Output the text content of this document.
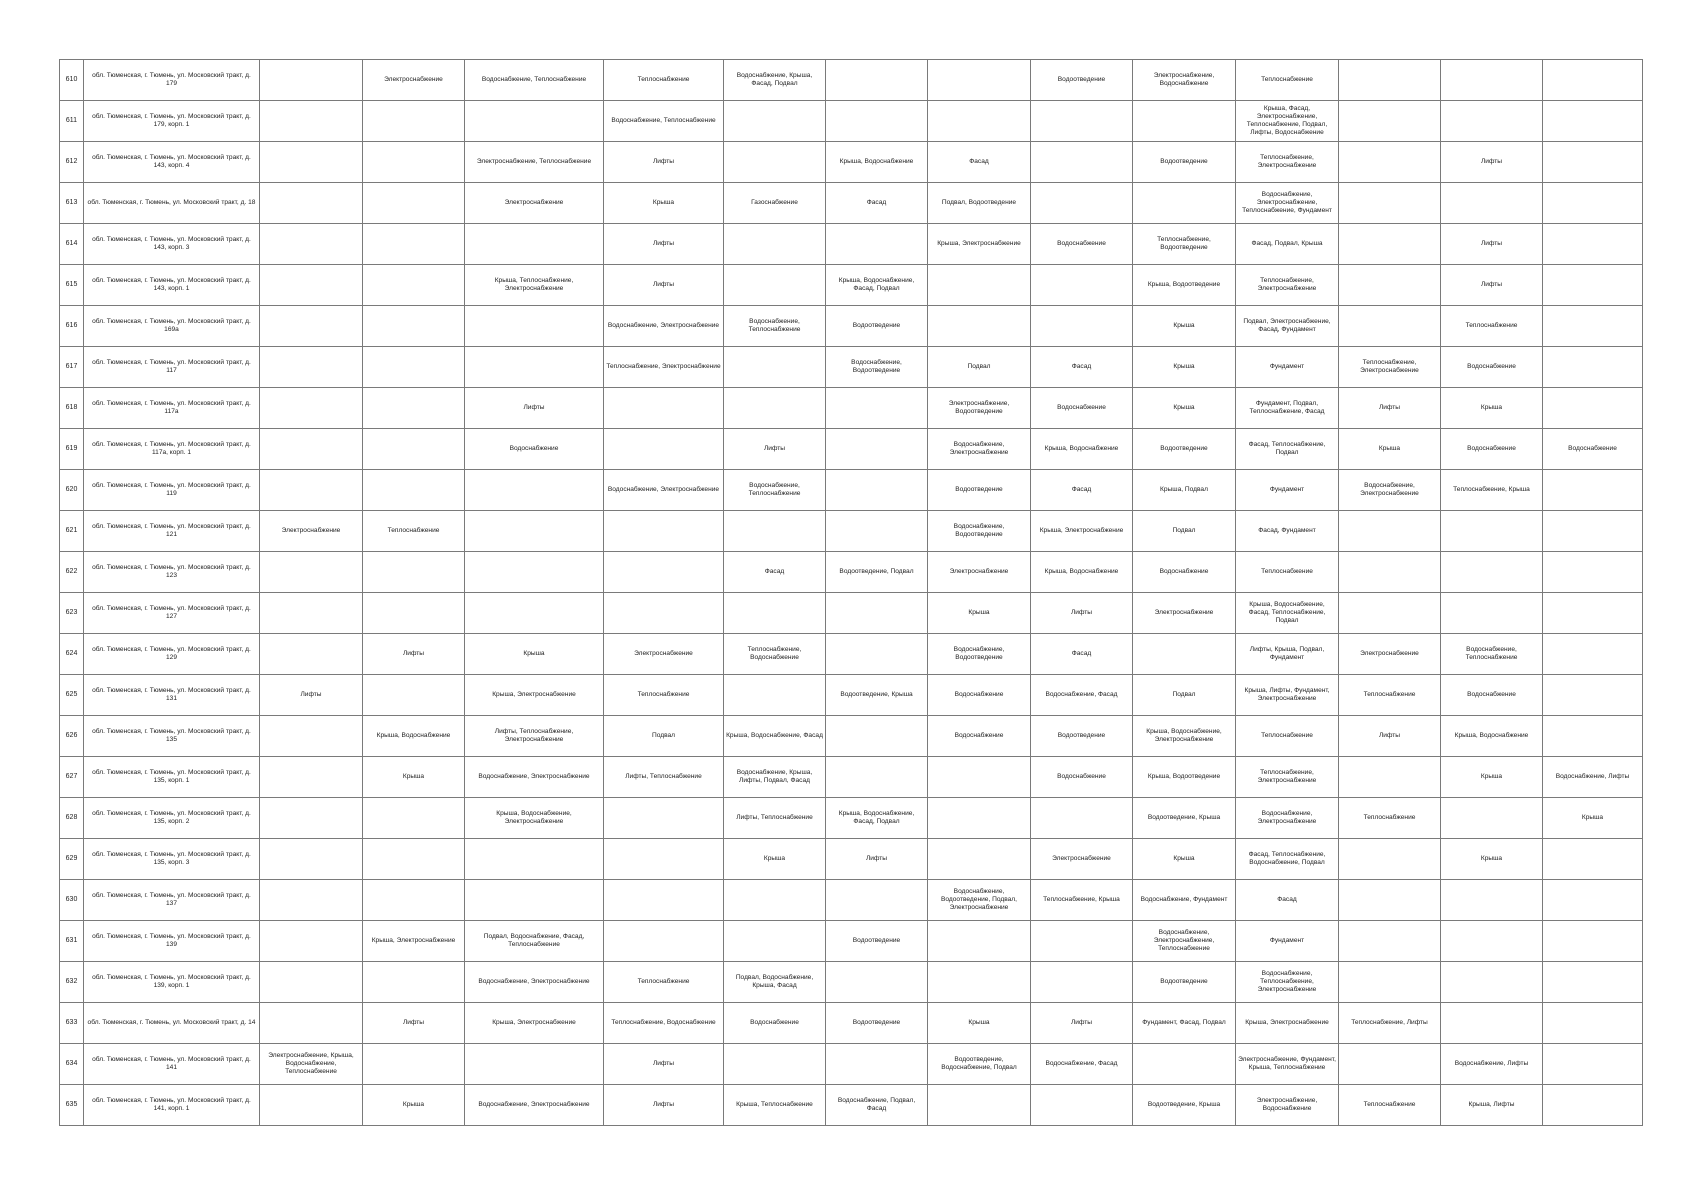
610	обл. Тюменская, г. Тюмень, ул. Московский тракт, д. 179		Электроснабжение	Водоснабжение, Теплоснабжение	Теплоснабжение	Водоснабжение, Крыша, Фасад, Подвал			Водоотведение	Электроснабжение, Водоснабжение	Теплоснабжение			
611	обл. Тюменская, г. Тюмень, ул. Московский тракт, д. 179, корп. 1				Водоснабжение, Теплоснабжение						Крыша, Фасад, Электроснабжение, Теплоснабжение, Подвал, Лифты, Водоснабжение			
612	обл. Тюменская, г. Тюмень, ул. Московский тракт, д. 143, корп. 4			Электроснабжение, Теплоснабжение	Лифты		Крыша, Водоснабжение	Фасад		Водоотведение	Теплоснабжение, Электроснабжение		Лифты	
613	обл. Тюменская, г. Тюмень, ул. Московский тракт, д. 18			Электроснабжение	Крыша	Газоснабжение	Фасад	Подвал, Водоотведение			Водоснабжение, Электроснабжение, Теплоснабжение, Фундамент			
614	обл. Тюменская, г. Тюмень, ул. Московский тракт, д. 143, корп. 3				Лифты			Крыша, Электроснабжение	Водоснабжение	Теплоснабжение, Водоотведение	Фасад, Подвал, Крыша		Лифты	
615	обл. Тюменская, г. Тюмень, ул. Московский тракт, д. 143, корп. 1			Крыша, Теплоснабжение, Электроснабжение	Лифты		Крыша, Водоснабжение, Фасад, Подвал			Крыша, Водоотведение	Теплоснабжение, Электроснабжение		Лифты	
616	обл. Тюменская, г. Тюмень, ул. Московский тракт, д. 169а				Водоснабжение, Электроснабжение	Водоснабжение, Теплоснабжение	Водоотведение			Крыша	Подвал, Электроснабжение, Фасад, Фундамент		Теплоснабжение	
617	обл. Тюменская, г. Тюмень, ул. Московский тракт, д. 117				Теплоснабжение, Электроснабжение		Водоснабжение, Водоотведение	Подвал	Фасад	Крыша	Фундамент	Теплоснабжение, Электроснабжение	Водоснабжение	
618	обл. Тюменская, г. Тюмень, ул. Московский тракт, д. 117а			Лифты				Электроснабжение, Водоотведение	Водоснабжение	Крыша	Фундамент, Подвал, Теплоснабжение, Фасад	Лифты	Крыша	
619	обл. Тюменская, г. Тюмень, ул. Московский тракт, д. 117а, корп. 1			Водоснабжение		Лифты		Водоснабжение, Электроснабжение	Крыша, Водоснабжение	Водоотведение	Фасад, Теплоснабжение, Подвал	Крыша	Водоснабжение	Водоснабжение
620	обл. Тюменская, г. Тюмень, ул. Московский тракт, д. 119				Водоснабжение, Электроснабжение	Водоснабжение, Теплоснабжение		Водоотведение	Фасад	Крыша, Подвал	Фундамент	Водоснабжение, Электроснабжение	Теплоснабжение, Крыша	
621	обл. Тюменская, г. Тюмень, ул. Московский тракт, д. 121	Электроснабжение	Теплоснабжение					Водоснабжение, Водоотведение	Крыша, Электроснабжение	Подвал	Фасад, Фундамент			
622	обл. Тюменская, г. Тюмень, ул. Московский тракт, д. 123					Фасад	Водоотведение, Подвал	Электроснабжение	Крыша, Водоснабжение	Водоснабжение	Теплоснабжение			
623	обл. Тюменская, г. Тюмень, ул. Московский тракт, д. 127							Крыша	Лифты	Электроснабжение	Крыша, Водоснабжение, Фасад, Теплоснабжение, Подвал			
624	обл. Тюменская, г. Тюмень, ул. Московский тракт, д. 129		Лифты	Крыша	Электроснабжение	Теплоснабжение, Водоснабжение		Водоснабжение, Водоотведение	Фасад		Лифты, Крыша, Подвал, Фундамент	Электроснабжение	Водоснабжение, Теплоснабжение	
625	обл. Тюменская, г. Тюмень, ул. Московский тракт, д. 131	Лифты		Крыша, Электроснабжение	Теплоснабжение		Водоотведение, Крыша	Водоснабжение	Водоснабжение, Фасад	Подвал	Крыша, Лифты, Фундамент, Электроснабжение	Теплоснабжение	Водоснабжение	
626	обл. Тюменская, г. Тюмень, ул. Московский тракт, д. 135		Крыша, Водоснабжение	Лифты, Теплоснабжение, Электроснабжение	Подвал	Крыша, Водоснабжение, Фасад		Водоснабжение	Водоотведение	Крыша, Водоснабжение, Электроснабжение	Теплоснабжение	Лифты	Крыша, Водоснабжение	
627	обл. Тюменская, г. Тюмень, ул. Московский тракт, д. 135, корп. 1		Крыша	Водоснабжение, Электроснабжение	Лифты, Теплоснабжение	Водоснабжение, Крыша, Лифты, Подвал, Фасад			Водоснабжение	Крыша, Водоотведение	Теплоснабжение, Электроснабжение		Крыша	Водоснабжение, Лифты
628	обл. Тюменская, г. Тюмень, ул. Московский тракт, д. 135, корп. 2			Крыша, Водоснабжение, Электроснабжение		Лифты, Теплоснабжение	Крыша, Водоснабжение, Фасад, Подвал			Водоотведение, Крыша	Водоснабжение, Электроснабжение	Теплоснабжение		Крыша
629	обл. Тюменская, г. Тюмень, ул. Московский тракт, д. 135, корп. 3					Крыша	Лифты		Электроснабжение	Крыша	Фасад, Теплоснабжение, Водоснабжение, Подвал		Крыша	
630	обл. Тюменская, г. Тюмень, ул. Московский тракт, д. 137							Водоснабжение, Водоотведение, Подвал, Электроснабжение	Теплоснабжение, Крыша	Водоснабжение, Фундамент	Фасад			
631	обл. Тюменская, г. Тюмень, ул. Московский тракт, д. 139		Крыша, Электроснабжение	Подвал, Водоснабжение, Фасад, Теплоснабжение			Водоотведение			Водоснабжение, Электроснабжение, Теплоснабжение	Фундамент			
632	обл. Тюменская, г. Тюмень, ул. Московский тракт, д. 139, корп. 1			Водоснабжение, Электроснабжение	Теплоснабжение	Подвал, Водоснабжение, Крыша, Фасад				Водоотведение	Водоснабжение, Теплоснабжение, Электроснабжение			
633	обл. Тюменская, г. Тюмень, ул. Московский тракт, д. 14		Лифты	Крыша, Электроснабжение	Теплоснабжение, Водоснабжение	Водоснабжение	Водоотведение	Крыша	Лифты	Фундамент, Фасад, Подвал	Крыша, Электроснабжение	Теплоснабжение, Лифты		
634	обл. Тюменская, г. Тюмень, ул. Московский тракт, д. 141	Электроснабжение, Крыша, Водоснабжение, Теплоснабжение			Лифты			Водоотведение, Водоснабжение, Подвал	Водоснабжение, Фасад		Электроснабжение, Фундамент, Крыша, Теплоснабжение		Водоснабжение, Лифты	
635	обл. Тюменская, г. Тюмень, ул. Московский тракт, д. 141, корп. 1		Крыша	Водоснабжение, Электроснабжение	Лифты	Крыша, Теплоснабжение	Водоснабжение, Подвал, Фасад			Водоотведение, Крыша	Электроснабжение, Водоснабжение	Теплоснабжение	Крыша, Лифты	
